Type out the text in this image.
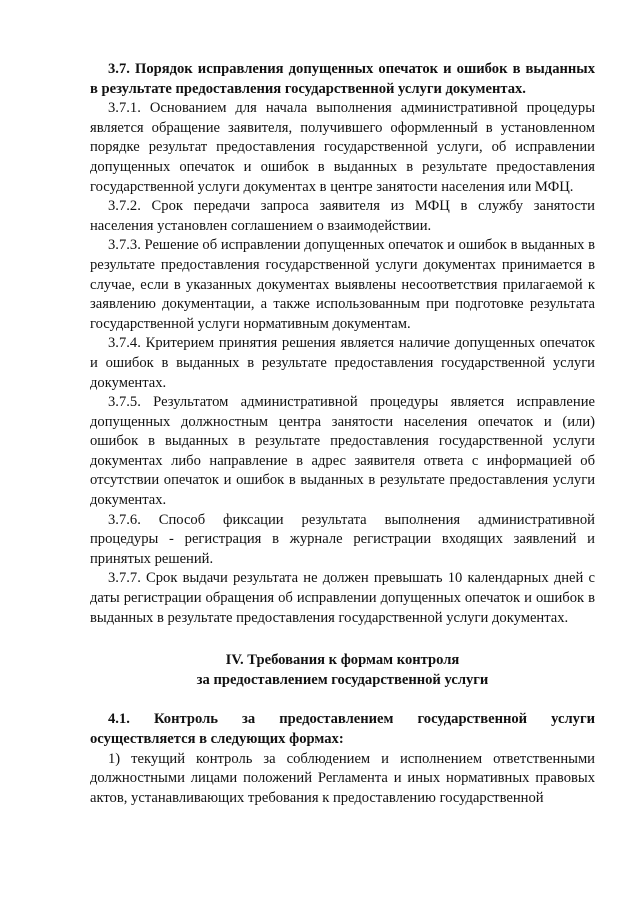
3.7. Порядок исправления допущенных опечаток и ошибок в выданных в результате предоставления государственной услуги документах.

3.7.1. Основанием для начала выполнения административной процедуры является обращение заявителя, получившего оформленный в установленном порядке результат предоставления государственной услуги, об исправлении допущенных опечаток и ошибок в выданных в результате предоставления государственной услуги документах в центре занятости населения или МФЦ.

3.7.2. Срок передачи запроса заявителя из МФЦ в службу занятости населения установлен соглашением о взаимодействии.

3.7.3. Решение об исправлении допущенных опечаток и ошибок в выданных в результате предоставления государственной услуги документах принимается в случае, если в указанных документах выявлены несоответствия прилагаемой к заявлению документации, а также использованным при подготовке результата государственной услуги нормативным документам.

3.7.4. Критерием принятия решения является наличие допущенных опечаток и ошибок в выданных в результате предоставления государственной услуги документах.

3.7.5. Результатом административной процедуры является исправление допущенных должностным центра занятости населения опечаток и (или) ошибок в выданных в результате предоставления государственной услуги документах либо направление в адрес заявителя ответа с информацией об отсутствии опечаток и ошибок в выданных в результате предоставления услуги документах.

3.7.6. Способ фиксации результата выполнения административной процедуры - регистрация в журнале регистрации входящих заявлений и принятых решений.

3.7.7. Срок выдачи результата не должен превышать 10 календарных дней с даты регистрации обращения об исправлении допущенных опечаток и ошибок в выданных в результате предоставления государственной услуги документах.

IV. Требования к формам контроля

за предоставлением государственной услуги

4.1. Контроль за предоставлением государственной услуги осуществляется в следующих формах:

1) текущий контроль за соблюдением и исполнением ответственными должностными лицами положений Регламента и иных нормативных правовых актов, устанавливающих требования к предоставлению государственной
